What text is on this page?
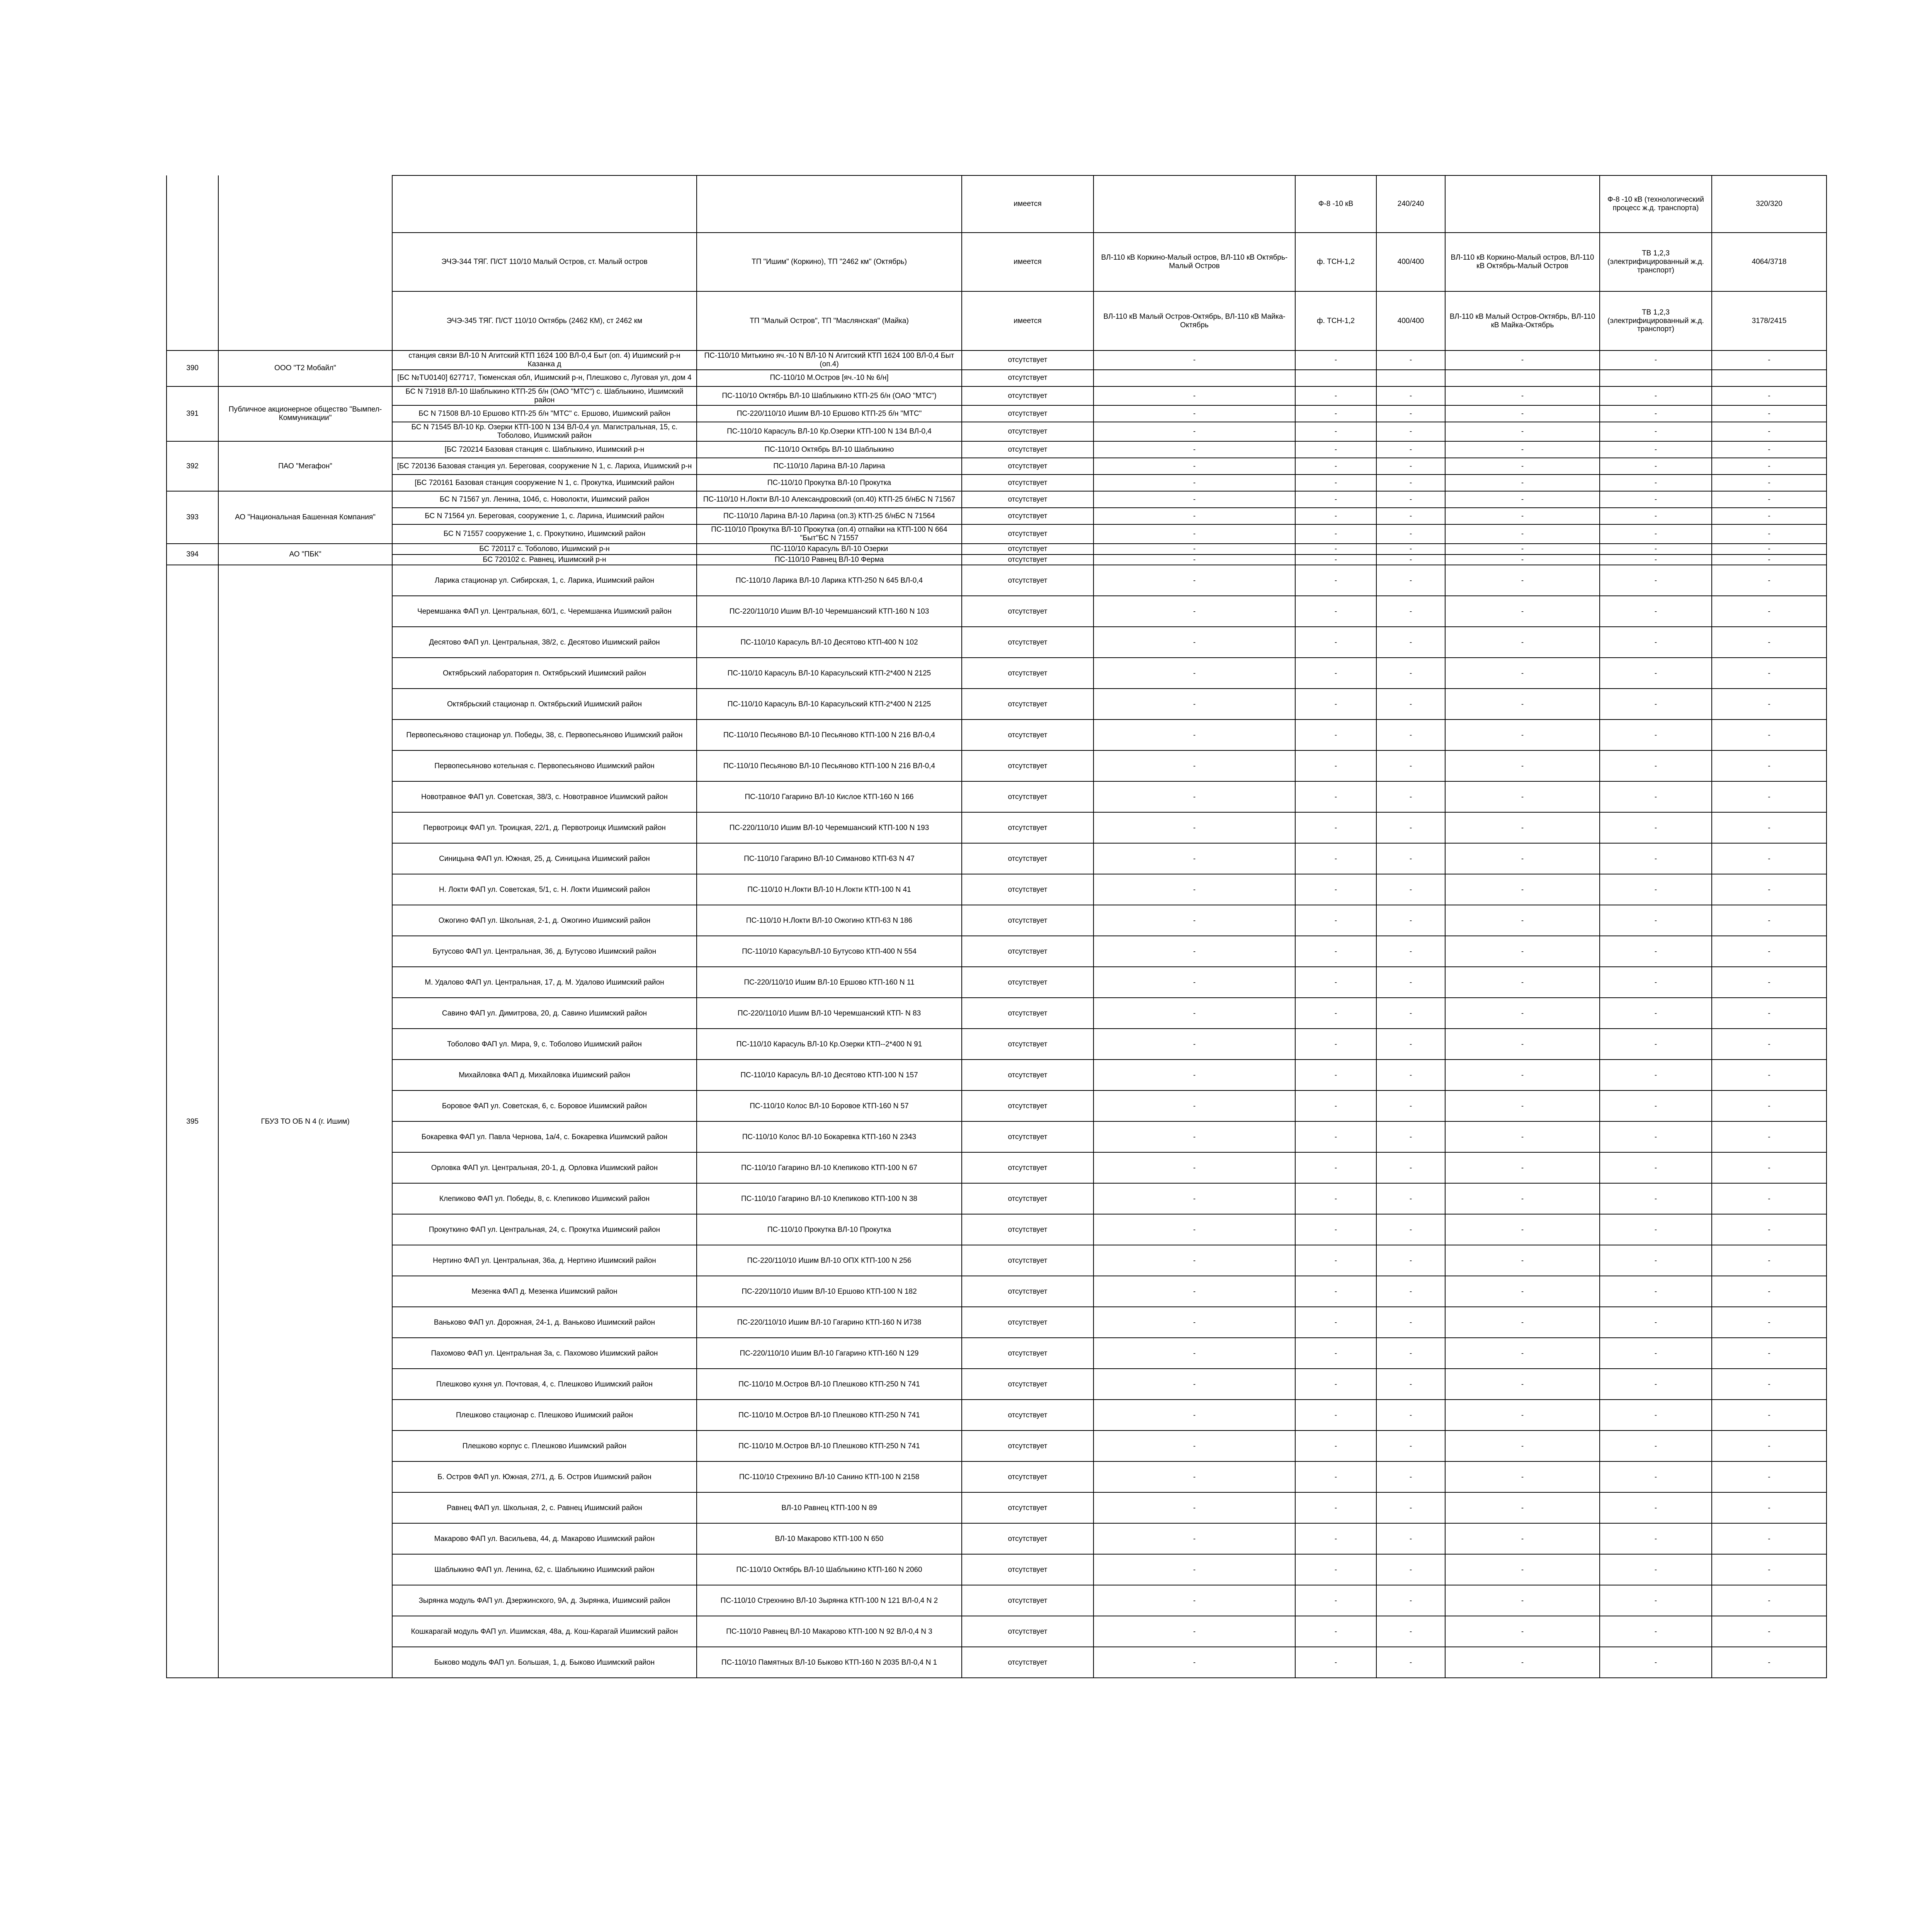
				имеется		Ф-8 -10 кВ	240/240		Ф-8 -10 кВ (технологический процесс ж.д. транспорта)	320/320
		ЭЧЭ-344 ТЯГ. П/СТ 110/10 Малый Остров, ст. Малый остров	ТП "Ишим" (Коркино), ТП "2462 км" (Октябрь)	имеется	ВЛ-110 кВ Коркино-Малый остров, ВЛ-110 кВ Октябрь-Малый Остров	ф. ТСН-1,2	400/400	ВЛ-110 кВ Коркино-Малый остров, ВЛ-110 кВ Октябрь-Малый Остров	ТВ 1,2,3 (электрифицированный ж.д. транспорт)	4064/3718
		ЭЧЭ-345 ТЯГ. П/СТ 110/10 Октябрь (2462 КМ), ст 2462 км	ТП "Малый Остров", ТП "Маслянская" (Майка)	имеется	ВЛ-110 кВ Малый Остров-Октябрь, ВЛ-110 кВ Майка-Октябрь	ф. ТСН-1,2	400/400	ВЛ-110 кВ Малый Остров-Октябрь, ВЛ-110 кВ Майка-Октябрь	ТВ 1,2,3 (электрифицированный ж.д. транспорт)	3178/2415
390	ООО "Т2 Мобайл"	станция связи ВЛ-10 N Агитский КТП 1624 100 ВЛ-0,4 Быт (оп. 4) Ишимский р-н Казанка д	ПС-110/10 Митькино яч.-10 N ВЛ-10 N Агитский КТП 1624 100 ВЛ-0,4 Быт (оп.4)	отсутствует	-	-	-	-	-	-
		[БС №TU0140] 627717, Тюменская обл, Ишимский р-н, Плешково с, Луговая ул, дом 4	ПС-110/10 М.Остров [яч.-10 № 6/н]	отсутствует						
391	Публичное акционерное общество "Вымпел-Коммуникации"	БС N 71918 ВЛ-10 Шаблыкино КТП-25 б/н (ОАО "МТС") с. Шаблыкино, Ишимский район	ПС-110/10 Октябрь ВЛ-10 Шаблыкино КТП-25 б/н (ОАО "МТС")	отсутствует	-	-	-	-	-	-
		БС N 71508 ВЛ-10 Ершово КТП-25 б/н "МТС" с. Ершово, Ишимский район	ПС-220/110/10 Ишим ВЛ-10 Ершово КТП-25 б/н "МТС"	отсутствует	-	-	-	-	-	-
		БС N 71545 ВЛ-10 Кр. Озерки КТП-100 N 134 ВЛ-0,4 ул. Магистральная, 15, с. Тоболово, Ишимский район	ПС-110/10 Карасуль ВЛ-10 Кр.Озерки КТП-100 N 134 ВЛ-0,4	отсутствует	-	-	-	-	-	-
392	ПАО "Мегафон"	[БС 720214 Базовая станция с. Шаблыкино, Ишимский р-н	ПС-110/10 Октябрь ВЛ-10 Шаблыкино	отсутствует	-	-	-	-	-	-
		[БС 720136 Базовая станция ул. Береговая, сооружение N 1, с. Лариха, Ишимский р-н	ПС-110/10 Ларина ВЛ-10 Ларина	отсутствует	-	-	-	-	-	-
		[БС 720161 Базовая станция сооружение N 1, с. Прокутка, Ишимский район	ПС-110/10 Прокутка ВЛ-10 Прокутка	отсутствует	-	-	-	-	-	-
393	АО "Национальная Башенная Компания"	БС N 71567 ул. Ленина, 104б, с. Новолокти, Ишимский район	ПС-110/10 Н.Локти ВЛ-10 Александровский (оп.40) КТП-25 б/нБС N 71567	отсутствует	-	-	-	-	-	-
		БС N 71564 ул. Береговая, сооружение 1, с. Ларина, Ишимский район	ПС-110/10 Ларина ВЛ-10 Ларина (оп.3) КТП-25 б/нБС N 71564	отсутствует	-	-	-	-	-	-
		БС N 71557 сооружение 1, с. Прокуткино, Ишимский район	ПС-110/10 Прокутка ВЛ-10 Прокутка (оп.4) отпайки на КТП-100 N 664 "Быт"БС N 71557	отсутствует	-	-	-	-	-	-
394	АО "ПБК"	БС 720117 с. Тоболово, Ишимский р-н	ПС-110/10 Карасуль ВЛ-10 Озерки	отсутствует	-	-	-	-	-	-
		БС 720102 с. Равнец, Ишимский р-н	ПС-110/10 Равнец ВЛ-10 Ферма	отсутствует	-	-	-	-	-	-
395	ГБУЗ ТО ОБ N 4 (г. Ишим)	Ларика стационар ул. Сибирская, 1, с. Ларика, Ишимский район	ПС-110/10 Ларика ВЛ-10 Ларика КТП-250 N 645 ВЛ-0,4	отсутствует	-	-	-	-	-	-
		Черемшанка ФАП ул. Центральная, 60/1, с. Черемшанка Ишимский район	ПС-220/110/10 Ишим ВЛ-10 Черемшанский КТП-160 N 103	отсутствует	-	-	-	-	-	-
		Десятово ФАП ул. Центральная, 38/2, с. Десятово Ишимский район	ПС-110/10 Карасуль ВЛ-10 Десятово КТП-400 N 102	отсутствует	-	-	-	-	-	-
		Октябрьский лаборатория п. Октябрьский Ишимский район	ПС-110/10 Карасуль ВЛ-10 Карасульский КТП-2*400 N 2125	отсутствует	-	-	-	-	-	-
		Октябрьский стационар п. Октябрьский Ишимский район	ПС-110/10 Карасуль ВЛ-10 Карасульский КТП-2*400 N 2125	отсутствует	-	-	-	-	-	-
		Первопесьяново стационар ул. Победы, 38, с. Первопесьяново Ишимский район	ПС-110/10 Песьяново ВЛ-10 Песьяново КТП-100 N 216 ВЛ-0,4	отсутствует	-	-	-	-	-	-
		Первопесьяново котельная с. Первопесьяново Ишимский район	ПС-110/10 Песьяново ВЛ-10 Песьяново КТП-100 N 216 ВЛ-0,4	отсутствует	-	-	-	-	-	-
		Новотравное ФАП ул. Советская, 38/3, с. Новотравное Ишимский район	ПС-110/10 Гагарино ВЛ-10 Кислое КТП-160 N 166	отсутствует	-	-	-	-	-	-
		Первотроицк ФАП ул. Троицкая, 22/1, д. Первотроицк Ишимский район	ПС-220/110/10 Ишим ВЛ-10 Черемшанский КТП-100 N 193	отсутствует	-	-	-	-	-	-
		Синицына ФАП ул. Южная, 25, д. Синицына Ишимский район	ПС-110/10 Гагарино ВЛ-10 Симаново КТП-63 N 47	отсутствует	-	-	-	-	-	-
		Н. Локти ФАП ул. Советская, 5/1, с. Н. Локти Ишимский район	ПС-110/10 Н.Локти ВЛ-10 Н.Локти КТП-100 N 41	отсутствует	-	-	-	-	-	-
		Ожогино ФАП ул. Школьная, 2-1, д. Ожогино Ишимский район	ПС-110/10 Н.Локти ВЛ-10 Ожогино КТП-63 N 186	отсутствует	-	-	-	-	-	-
		Бутусово ФАП ул. Центральная, 36, д. Бутусово Ишимский район	ПС-110/10 КарасульВЛ-10 Бутусово КТП-400 N 554	отсутствует	-	-	-	-	-	-
		М. Удалово ФАП ул. Центральная, 17, д. М. Удалово Ишимский район	ПС-220/110/10 Ишим ВЛ-10 Ершово КТП-160 N 11	отсутствует	-	-	-	-	-	-
		Савино ФАП ул. Димитрова, 20, д. Савино Ишимский район	ПС-220/110/10 Ишим ВЛ-10 Черемшанский КТП- N 83	отсутствует	-	-	-	-	-	-
		Тоболово ФАП ул. Мира, 9, с. Тоболово Ишимский район	ПС-110/10 Карасуль ВЛ-10 Кр.Озерки КТП--2*400 N 91	отсутствует	-	-	-	-	-	-
		Михайловка ФАП д. Михайловка Ишимский район	ПС-110/10 Карасуль ВЛ-10 Десятово КТП-100 N 157	отсутствует	-	-	-	-	-	-
		Боровое ФАП ул. Советская, 6, с. Боровое Ишимский район	ПС-110/10 Колос ВЛ-10 Боровое КТП-160 N 57	отсутствует	-	-	-	-	-	-
		Бокаревка ФАП ул. Павла Чернова, 1а/4, с. Бокаревка Ишимский район	ПС-110/10 Колос ВЛ-10 Бокаревка КТП-160 N 2343	отсутствует	-	-	-	-	-	-
		Орловка ФАП ул. Центральная, 20-1, д. Орловка Ишимский район	ПС-110/10 Гагарино ВЛ-10 Клепиково КТП-100 N 67	отсутствует	-	-	-	-	-	-
		Клепиково ФАП ул. Победы, 8, с. Клепиково Ишимский район	ПС-110/10 Гагарино ВЛ-10 Клепиково КТП-100 N 38	отсутствует	-	-	-	-	-	-
		Прокуткино ФАП ул. Центральная, 24, с. Прокутка Ишимский район	ПС-110/10 Прокутка ВЛ-10 Прокутка	отсутствует	-	-	-	-	-	-
		Нертино ФАП ул. Центральная, 36а, д. Нертино Ишимский район	ПС-220/110/10 Ишим ВЛ-10 ОПХ КТП-100 N 256	отсутствует	-	-	-	-	-	-
		Мезенка ФАП д. Мезенка Ишимский район	ПС-220/110/10 Ишим ВЛ-10 Ершово КТП-100 N 182	отсутствует	-	-	-	-	-	-
		Ваньково ФАП ул. Дорожная, 24-1, д. Ваньково Ишимский район	ПС-220/110/10 Ишим ВЛ-10 Гагарино КТП-160 N И738	отсутствует	-	-	-	-	-	-
		Пахомово ФАП ул. Центральная 3а, с. Пахомово Ишимский район	ПС-220/110/10 Ишим ВЛ-10 Гагарино КТП-160 N 129	отсутствует	-	-	-	-	-	-
		Плешково кухня ул. Почтовая, 4, с. Плешково Ишимский район	ПС-110/10 М.Остров ВЛ-10 Плешково КТП-250 N 741	отсутствует	-	-	-	-	-	-
		Плешково стационар с. Плешково Ишимский район	ПС-110/10 М.Остров ВЛ-10 Плешково КТП-250 N 741	отсутствует	-	-	-	-	-	-
		Плешково корпус с. Плешково Ишимский район	ПС-110/10 М.Остров ВЛ-10 Плешково КТП-250 N 741	отсутствует	-	-	-	-	-	-
		Б. Остров ФАП ул. Южная, 27/1, д. Б. Остров Ишимский район	ПС-110/10 Стрехнино ВЛ-10 Санино КТП-100 N 2158	отсутствует	-	-	-	-	-	-
		Равнец ФАП ул. Школьная, 2, с. Равнец Ишимский район	ВЛ-10 Равнец КТП-100 N 89	отсутствует	-	-	-	-	-	-
		Макарово ФАП ул. Васильева, 44, д. Макарово Ишимский район	ВЛ-10 Макарово КТП-100 N 650	отсутствует	-	-	-	-	-	-
		Шаблыкино ФАП ул. Ленина, 62, с. Шаблыкино Ишимский район	ПС-110/10 Октябрь ВЛ-10 Шаблыкино КТП-160 N 2060	отсутствует	-	-	-	-	-	-
		Зырянка модуль ФАП ул. Дзержинского, 9А, д. Зырянка, Ишимский район	ПС-110/10 Стрехнино ВЛ-10 Зырянка КТП-100 N 121 ВЛ-0,4 N 2	отсутствует	-	-	-	-	-	-
		Кошкарагай модуль ФАП ул. Ишимская, 48а, д. Кош-Карагай Ишимский район	ПС-110/10 Равнец ВЛ-10 Макарово КТП-100 N 92 ВЛ-0,4 N 3	отсутствует	-	-	-	-	-	-
		Быково модуль ФАП ул. Большая, 1, д. Быково Ишимский район	ПС-110/10 Памятных ВЛ-10 Быково КТП-160 N 2035 ВЛ-0,4 N 1	отсутствует	-	-	-	-	-	-
